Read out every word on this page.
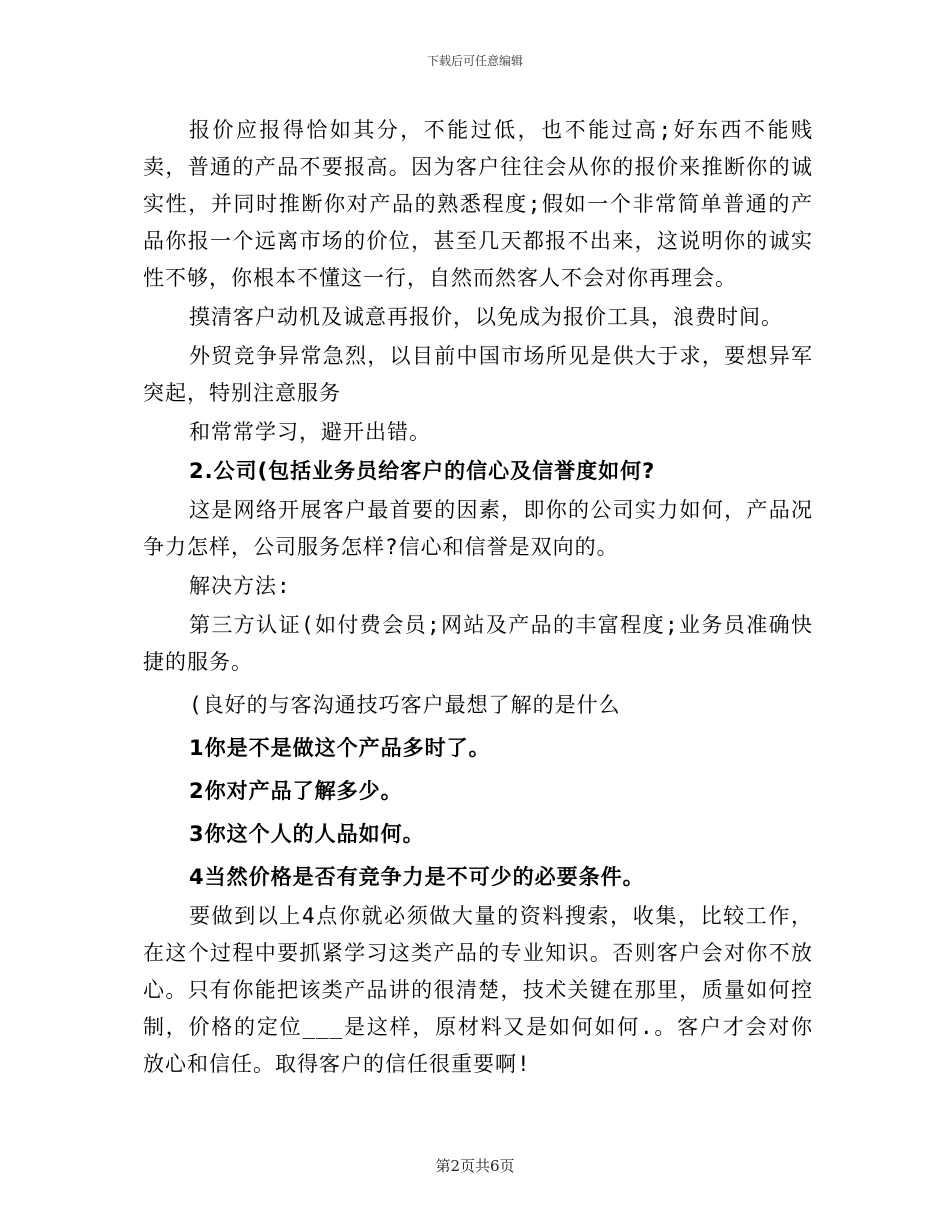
下载后可任意编辑

报价应报得恰如其分，不能过低，也不能过高;好东西不能贱卖，普通的产品不要报高。因为客户往往会从你的报价来推断你的诚实性，并同时推断你对产品的熟悉程度;假如一个非常简单普通的产品你报一个远离市场的价位，甚至几天都报不出来，这说明你的诚实性不够，你根本不懂这一行，自然而然客人不会对你再理会。

摸清客户动机及诚意再报价，以免成为报价工具，浪费时间。

外贸竞争异常急烈，以目前中国市场所见是供大于求，要想异军突起，特别注意服务

和常常学习，避开出错。

2.公司(包括业务员给客户的信心及信誉度如何?

这是网络开展客户最首要的因素，即你的公司实力如何，产品况争力怎样，公司服务怎样?信心和信誉是双向的。

解决方法:

第三方认证(如付费会员;网站及产品的丰富程度;业务员准确快捷的服务。

(良好的与客沟通技巧客户最想了解的是什么

1你是不是做这个产品多时了。

2你对产品了解多少。

3你这个人的人品如何。

4当然价格是否有竞争力是不可少的必要条件。

要做到以上4点你就必须做大量的资料搜索，收集，比较工作，在这个过程中要抓紧学习这类产品的专业知识。否则客户会对你不放心。只有你能把该类产品讲的很清楚，技术关键在那里，质量如何控制，价格的定位___是这样，原材料又是如何如何.。客户才会对你放心和信任。取得客户的信任很重要啊!

第2页共6页
